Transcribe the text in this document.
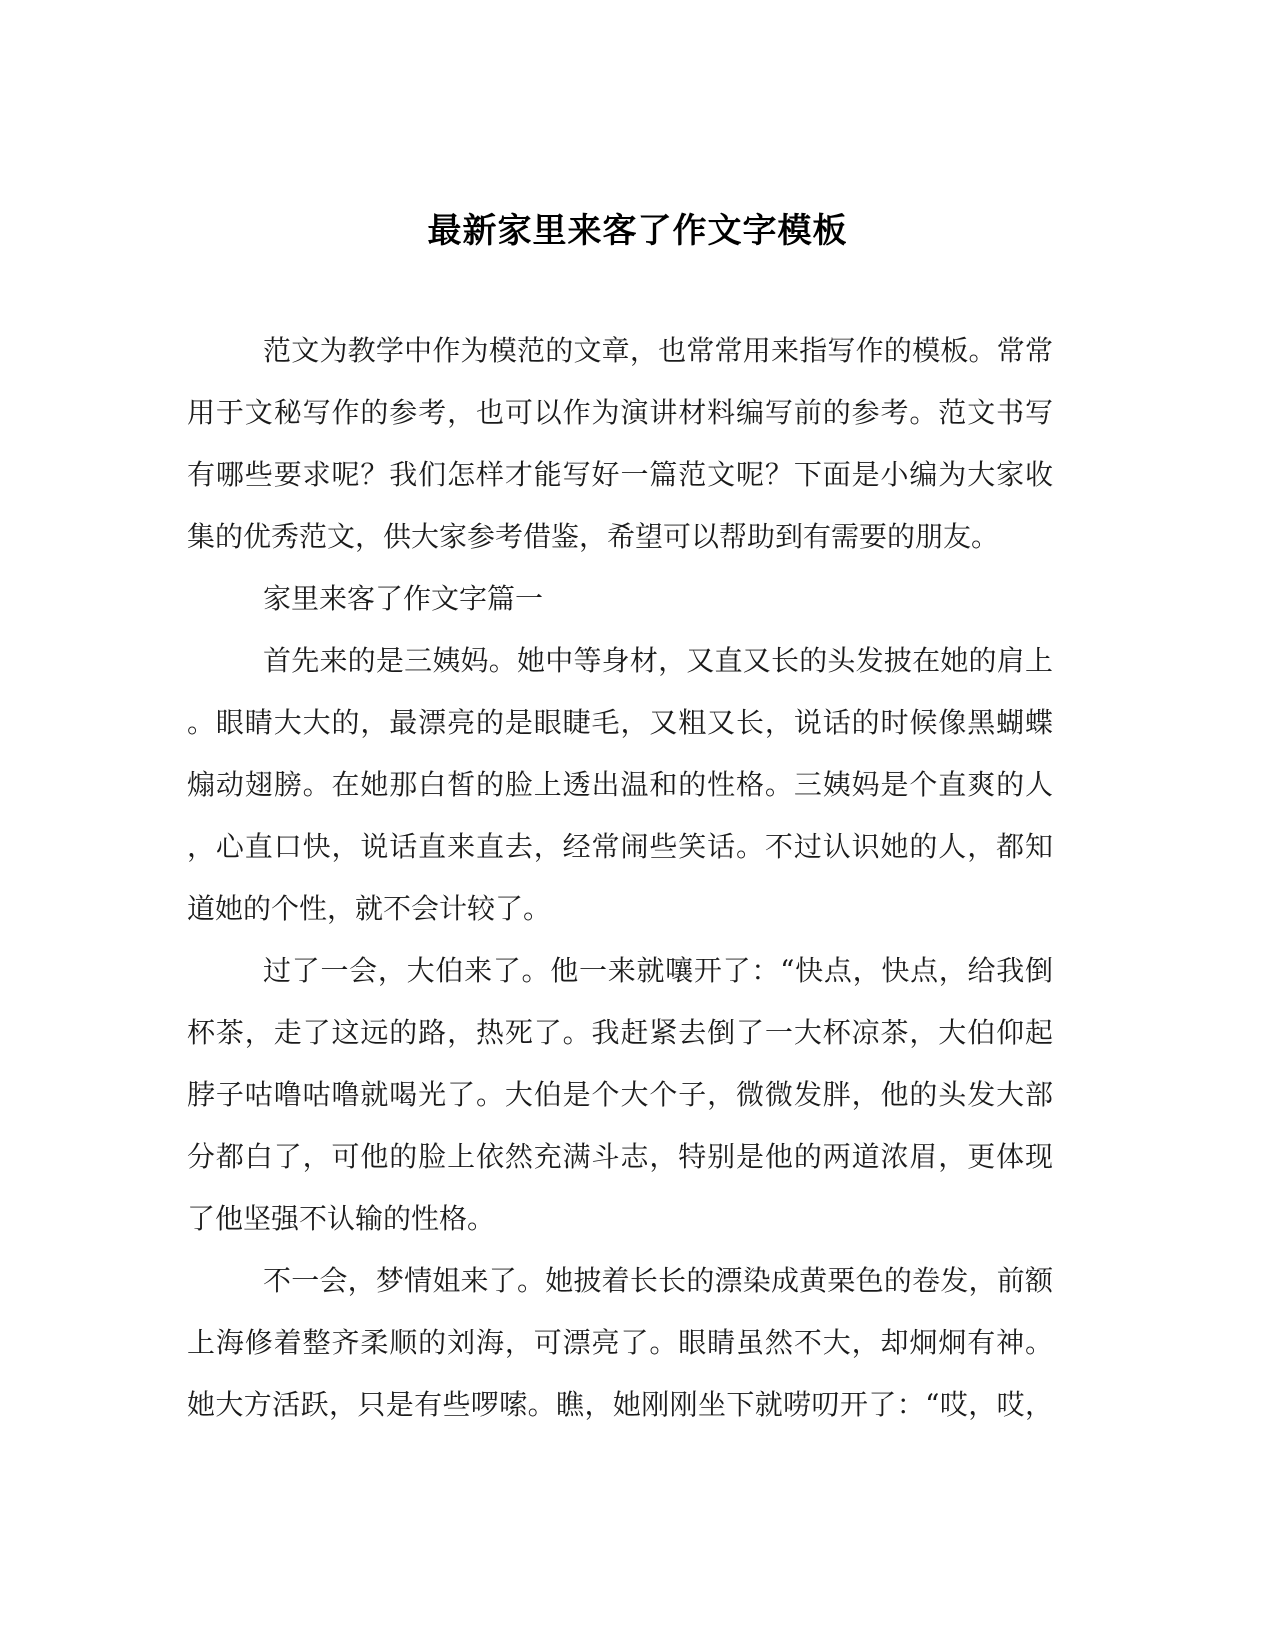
最新家里来客了作文字模板
范文为教学中作为模范的文章，也常常用来指写作的模板。常常
用于文秘写作的参考，也可以作为演讲材料编写前的参考。范文书写
有哪些要求呢？我们怎样才能写好一篇范文呢？下面是小编为大家收
集的优秀范文，供大家参考借鉴，希望可以帮助到有需要的朋友。
家里来客了作文字篇一
首先来的是三姨妈。她中等身材，又直又长的头发披在她的肩上
。眼睛大大的，最漂亮的是眼睫毛，又粗又长，说话的时候像黑蝴蝶
煽动翅膀。在她那白皙的脸上透出温和的性格。三姨妈是个直爽的人
，心直口快，说话直来直去，经常闹些笑话。不过认识她的人，都知
道她的个性，就不会计较了。
过了一会，大伯来了。他一来就嚷开了：“快点，快点，给我倒
杯茶，走了这远的路，热死了。我赶紧去倒了一大杯凉茶，大伯仰起
脖子咕噜咕噜就喝光了。大伯是个大个子，微微发胖，他的头发大部
分都白了，可他的脸上依然充满斗志，特别是他的两道浓眉，更体现
了他坚强不认输的性格。
不一会，梦情姐来了。她披着长长的漂染成黄栗色的卷发，前额
上海修着整齐柔顺的刘海，可漂亮了。眼睛虽然不大，却炯炯有神。
她大方活跃，只是有些啰嗦。瞧，她刚刚坐下就唠叨开了：“哎，哎，
